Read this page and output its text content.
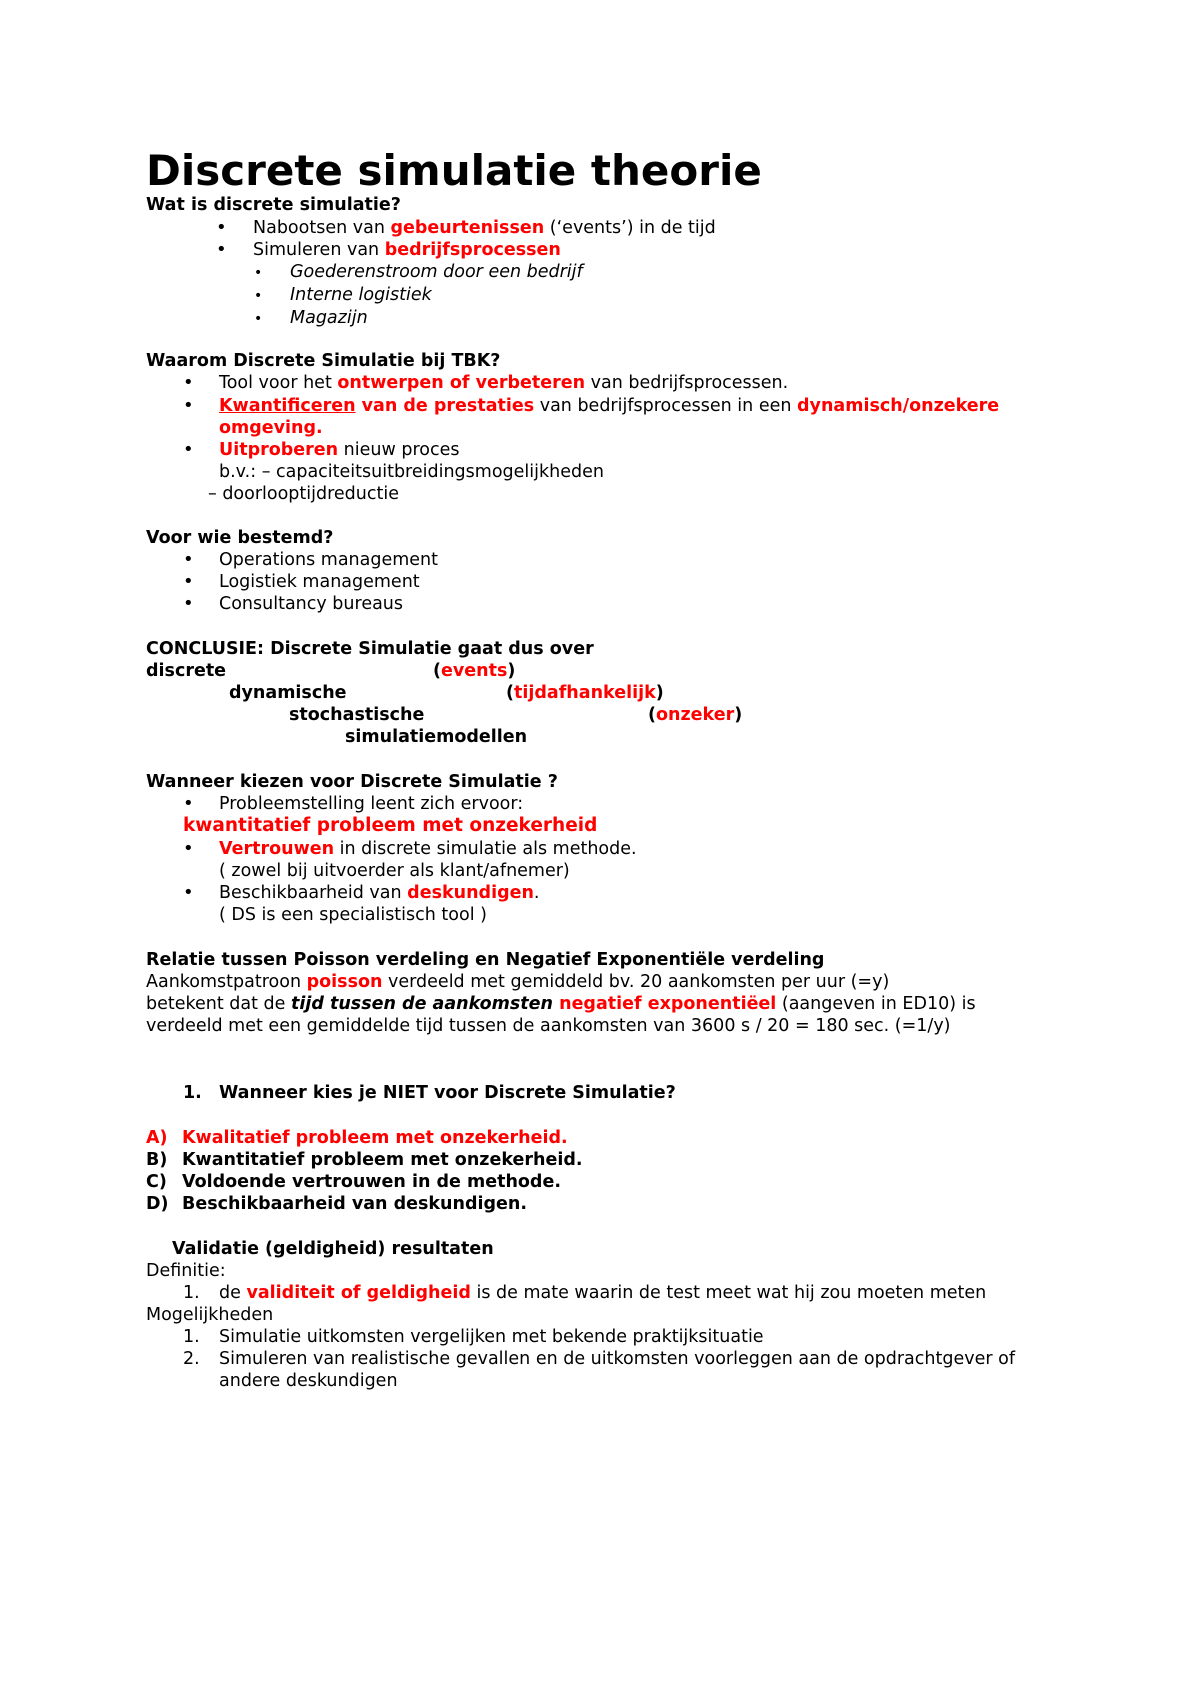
Discrete simulatie theorie
Wat is discrete simulatie?
• Nabootsen van gebeurtenissen (‘events’) in de tijd
• Simuleren van bedrijfsprocessen
• Goederenstroom door een bedrijf
• Interne logistiek
• Magazijn
Waarom Discrete Simulatie bij TBK?
• Tool voor het ontwerpen of verbeteren van bedrijfsprocessen.
• Kwantificeren van de prestaties van bedrijfsprocessen in een dynamisch/onzekere
omgeving.
• Uitproberen nieuw proces
b.v.: – capaciteitsuitbreidingsmogelijkheden
– doorlooptijdreductie
Voor wie bestemd?
• Operations management
• Logistiek management
• Consultancy bureaus
CONCLUSIE: Discrete Simulatie gaat dus over
discrete	(events)
dynamische	(tijdafhankelijk)
stochastische	(onzeker)
simulatiemodellen
Wanneer kiezen voor Discrete Simulatie ?
• Probleemstelling leent zich ervoor:
kwantitatief probleem met onzekerheid
• Vertrouwen in discrete simulatie als methode.
( zowel bij uitvoerder als klant/afnemer)
• Beschikbaarheid van deskundigen.
( DS is een specialistisch tool )
Relatie tussen Poisson verdeling en Negatief Exponentiële verdeling
Aankomstpatroon poisson verdeeld met gemiddeld bv. 20 aankomsten per uur (=y)
betekent dat de tijd tussen de aankomsten negatief exponentiëel (aangeven in ED10) is
verdeeld met een gemiddelde tijd tussen de aankomsten van 3600 s / 20 = 180 sec. (=1/y)
1. Wanneer kies je NIET voor Discrete Simulatie?
A) Kwalitatief probleem met onzekerheid.
B) Kwantitatief probleem met onzekerheid.
C) Voldoende vertrouwen in de methode.
D) Beschikbaarheid van deskundigen.
Validatie (geldigheid) resultaten
Definitie:
1. de validiteit of geldigheid is de mate waarin de test meet wat hij zou moeten meten
Mogelijkheden
1. Simulatie uitkomsten vergelijken met bekende praktijksituatie
2. Simuleren van realistische gevallen en de uitkomsten voorleggen aan de opdrachtgever of
andere deskundigen
